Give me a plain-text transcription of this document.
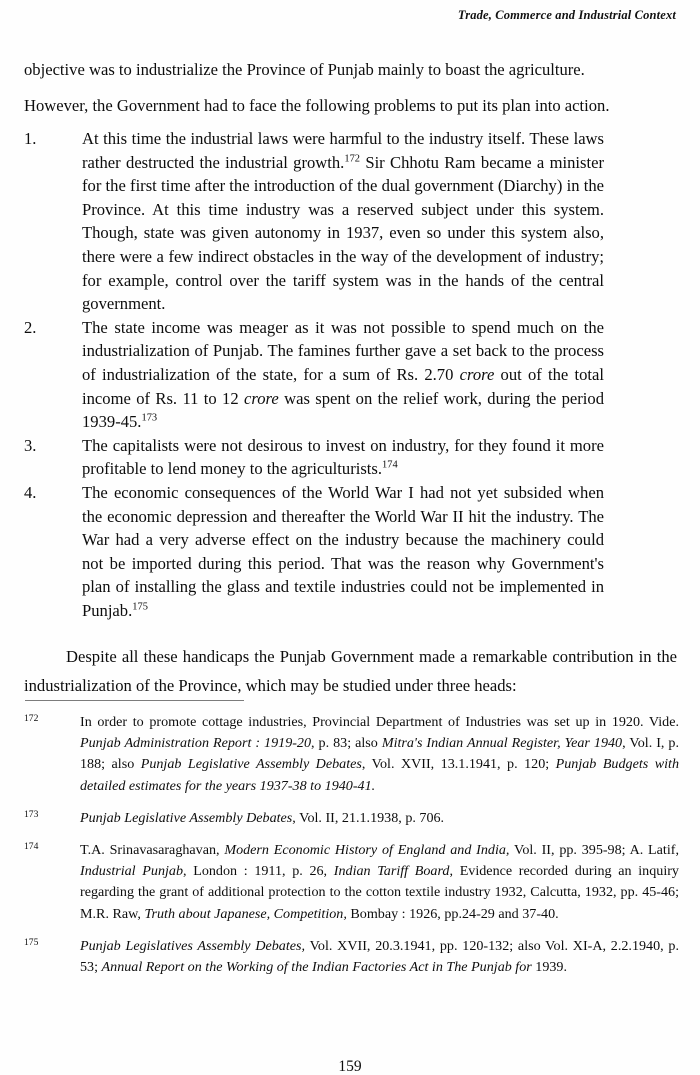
Trade, Commerce and Industrial Context

objective was to industrialize the Province of Punjab mainly to boast the agriculture.

However, the Government had to face the following problems to put its plan into action.

1.	At this time the industrial laws were harmful to the industry itself. These laws rather destructed the industrial growth.$^{172}$ Sir Chhotu Ram became a minister for the first time after the introduction of the dual government (Diarchy) in the Province. At this time industry was a reserved subject under this system. Though, state was given autonomy in 1937, even so under this system also, there were a few indirect obstacles in the way of the development of industry; for example, control over the tariff system was in the hands of the central government.
2.	The state income was meager as it was not possible to spend much on the industrialization of Punjab. The famines further gave a set back to the process of industrialization of the state, for a sum of Rs. 2.70 crore out of the total income of Rs. 11 to 12 crore was spent on the relief work, during the period 1939-45.$^{173}$
3.	The capitalists were not desirous to invest on industry, for they found it more profitable to lend money to the agriculturists.$^{174}$
4.	The economic consequences of the World War I had not yet subsided when the economic depression and thereafter the World War II hit the industry. The War had a very adverse effect on the industry because the machinery could not be imported during this period. That was the reason why Government's plan of installing the glass and textile industries could not be implemented in Punjab.$^{175}$

Despite all these handicaps the Punjab Government made a remarkable contribution in the industrialization of the Province, which may be studied under three heads:

172	In order to promote cottage industries, Provincial Department of Industries was set up in 1920. Vide. Punjab Administration Report : 1919-20, p. 83; also Mitra's Indian Annual Register, Year 1940, Vol. I, p. 188; also Punjab Legislative Assembly Debates, Vol. XVII, 13.1.1941, p. 120; Punjab Budgets with detailed estimates for the years 1937-38 to 1940-41.
173	Punjab Legislative Assembly Debates, Vol. II, 21.1.1938, p. 706.
174	T.A. Srinavasaraghavan, Modern Economic History of England and India, Vol. II, pp. 395-98; A. Latif, Industrial Punjab, London : 1911, p. 26, Indian Tariff Board, Evidence recorded during an inquiry regarding the grant of additional protection to the cotton textile industry 1932, Calcutta, 1932, pp. 45-46; M.R. Raw, Truth about Japanese, Competition, Bombay : 1926, pp.24-29 and 37-40.
175	Punjab Legislatives Assembly Debates, Vol. XVII, 20.3.1941, pp. 120-132; also Vol. XI-A, 2.2.1940, p. 53; Annual Report on the Working of the Indian Factories Act in The Punjab for 1939.
159
